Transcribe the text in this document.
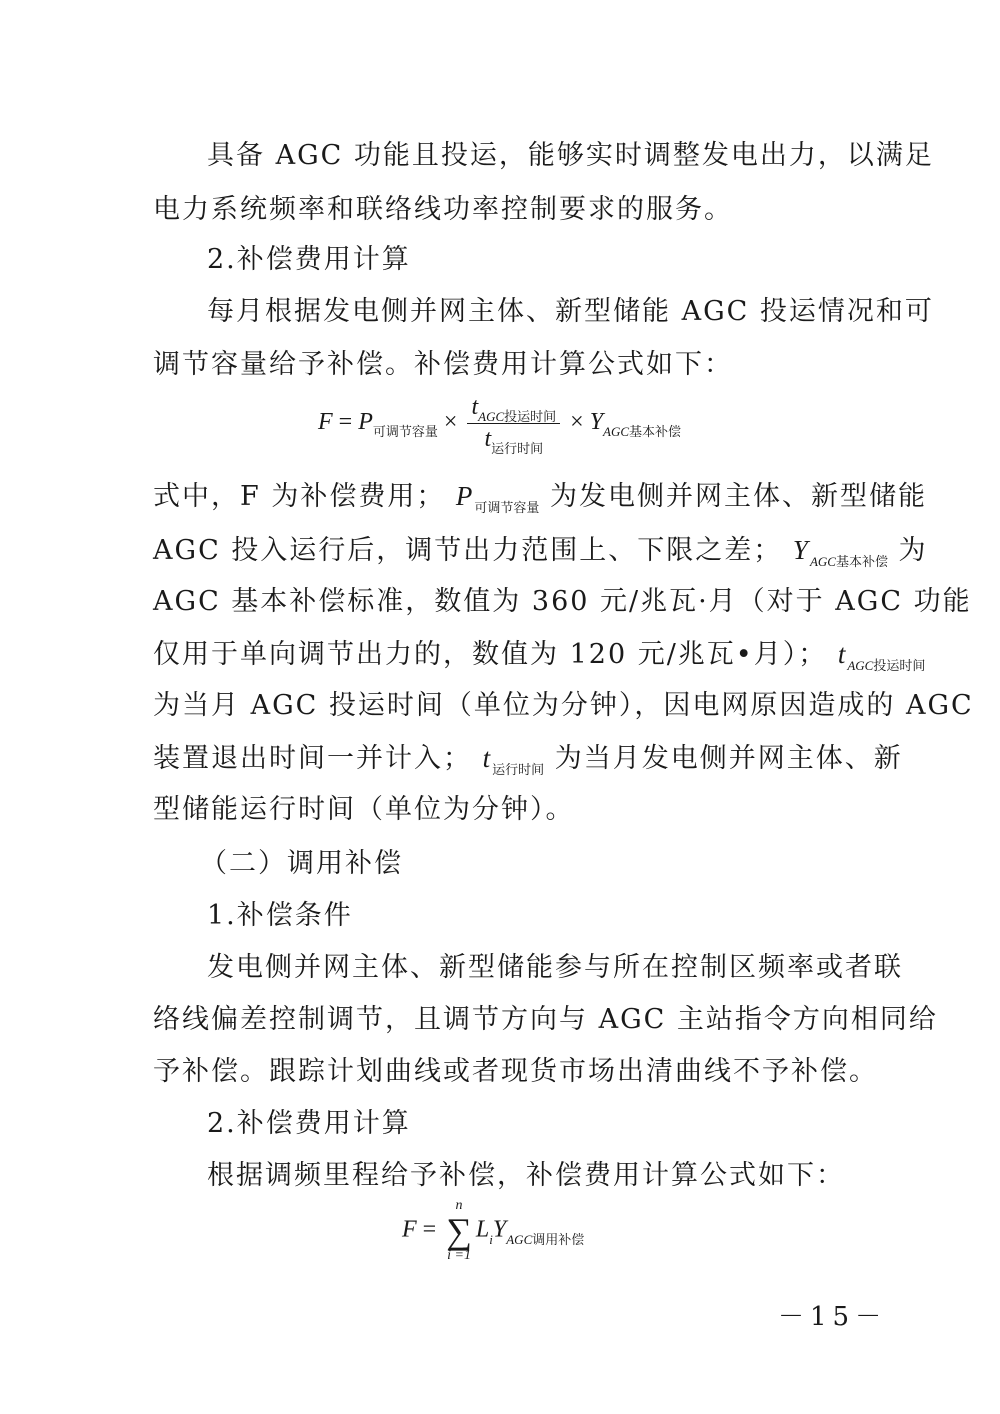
具备 AGC 功能且投运，能够实时调整发电出力，以满足
电力系统频率和联络线功率控制要求的服务。
2.补偿费用计算
每月根据发电侧并网主体、新型储能 AGC 投运情况和可
调节容量给予补偿。补偿费用计算公式如下：
$F = P_{可调节容量} \times \frac{t_{AGC投运时间}}{t_{运行时间}} \times Y_{AGC基本补偿}$
式中，F 为补偿费用； $P_{可调节容量}$ 为发电侧并网主体、新型储能
AGC 投入运行后，调节出力范围上、下限之差； $Y_{AGC基本补偿}$ 为
AGC 基本补偿标准，数值为 360 元/兆瓦·月（对于 AGC 功能
仅用于单向调节出力的，数值为 120 元/兆瓦•月）； $t_{AGC投运时间}$
为当月 AGC 投运时间（单位为分钟），因电网原因造成的 AGC
装置退出时间一并计入； $t_{运行时间}$ 为当月发电侧并网主体、新
型储能运行时间（单位为分钟）。
（二）调用补偿
1.补偿条件
发电侧并网主体、新型储能参与所在控制区频率或者联
络线偏差控制调节，且调节方向与 AGC 主站指令方向相同给
予补偿。跟踪计划曲线或者现货市场出清曲线不予补偿。
2.补偿费用计算
根据调频里程给予补偿，补偿费用计算公式如下：
F =
n
∑
i =1
$L_iY_{AGC调用补偿}$
－15－
